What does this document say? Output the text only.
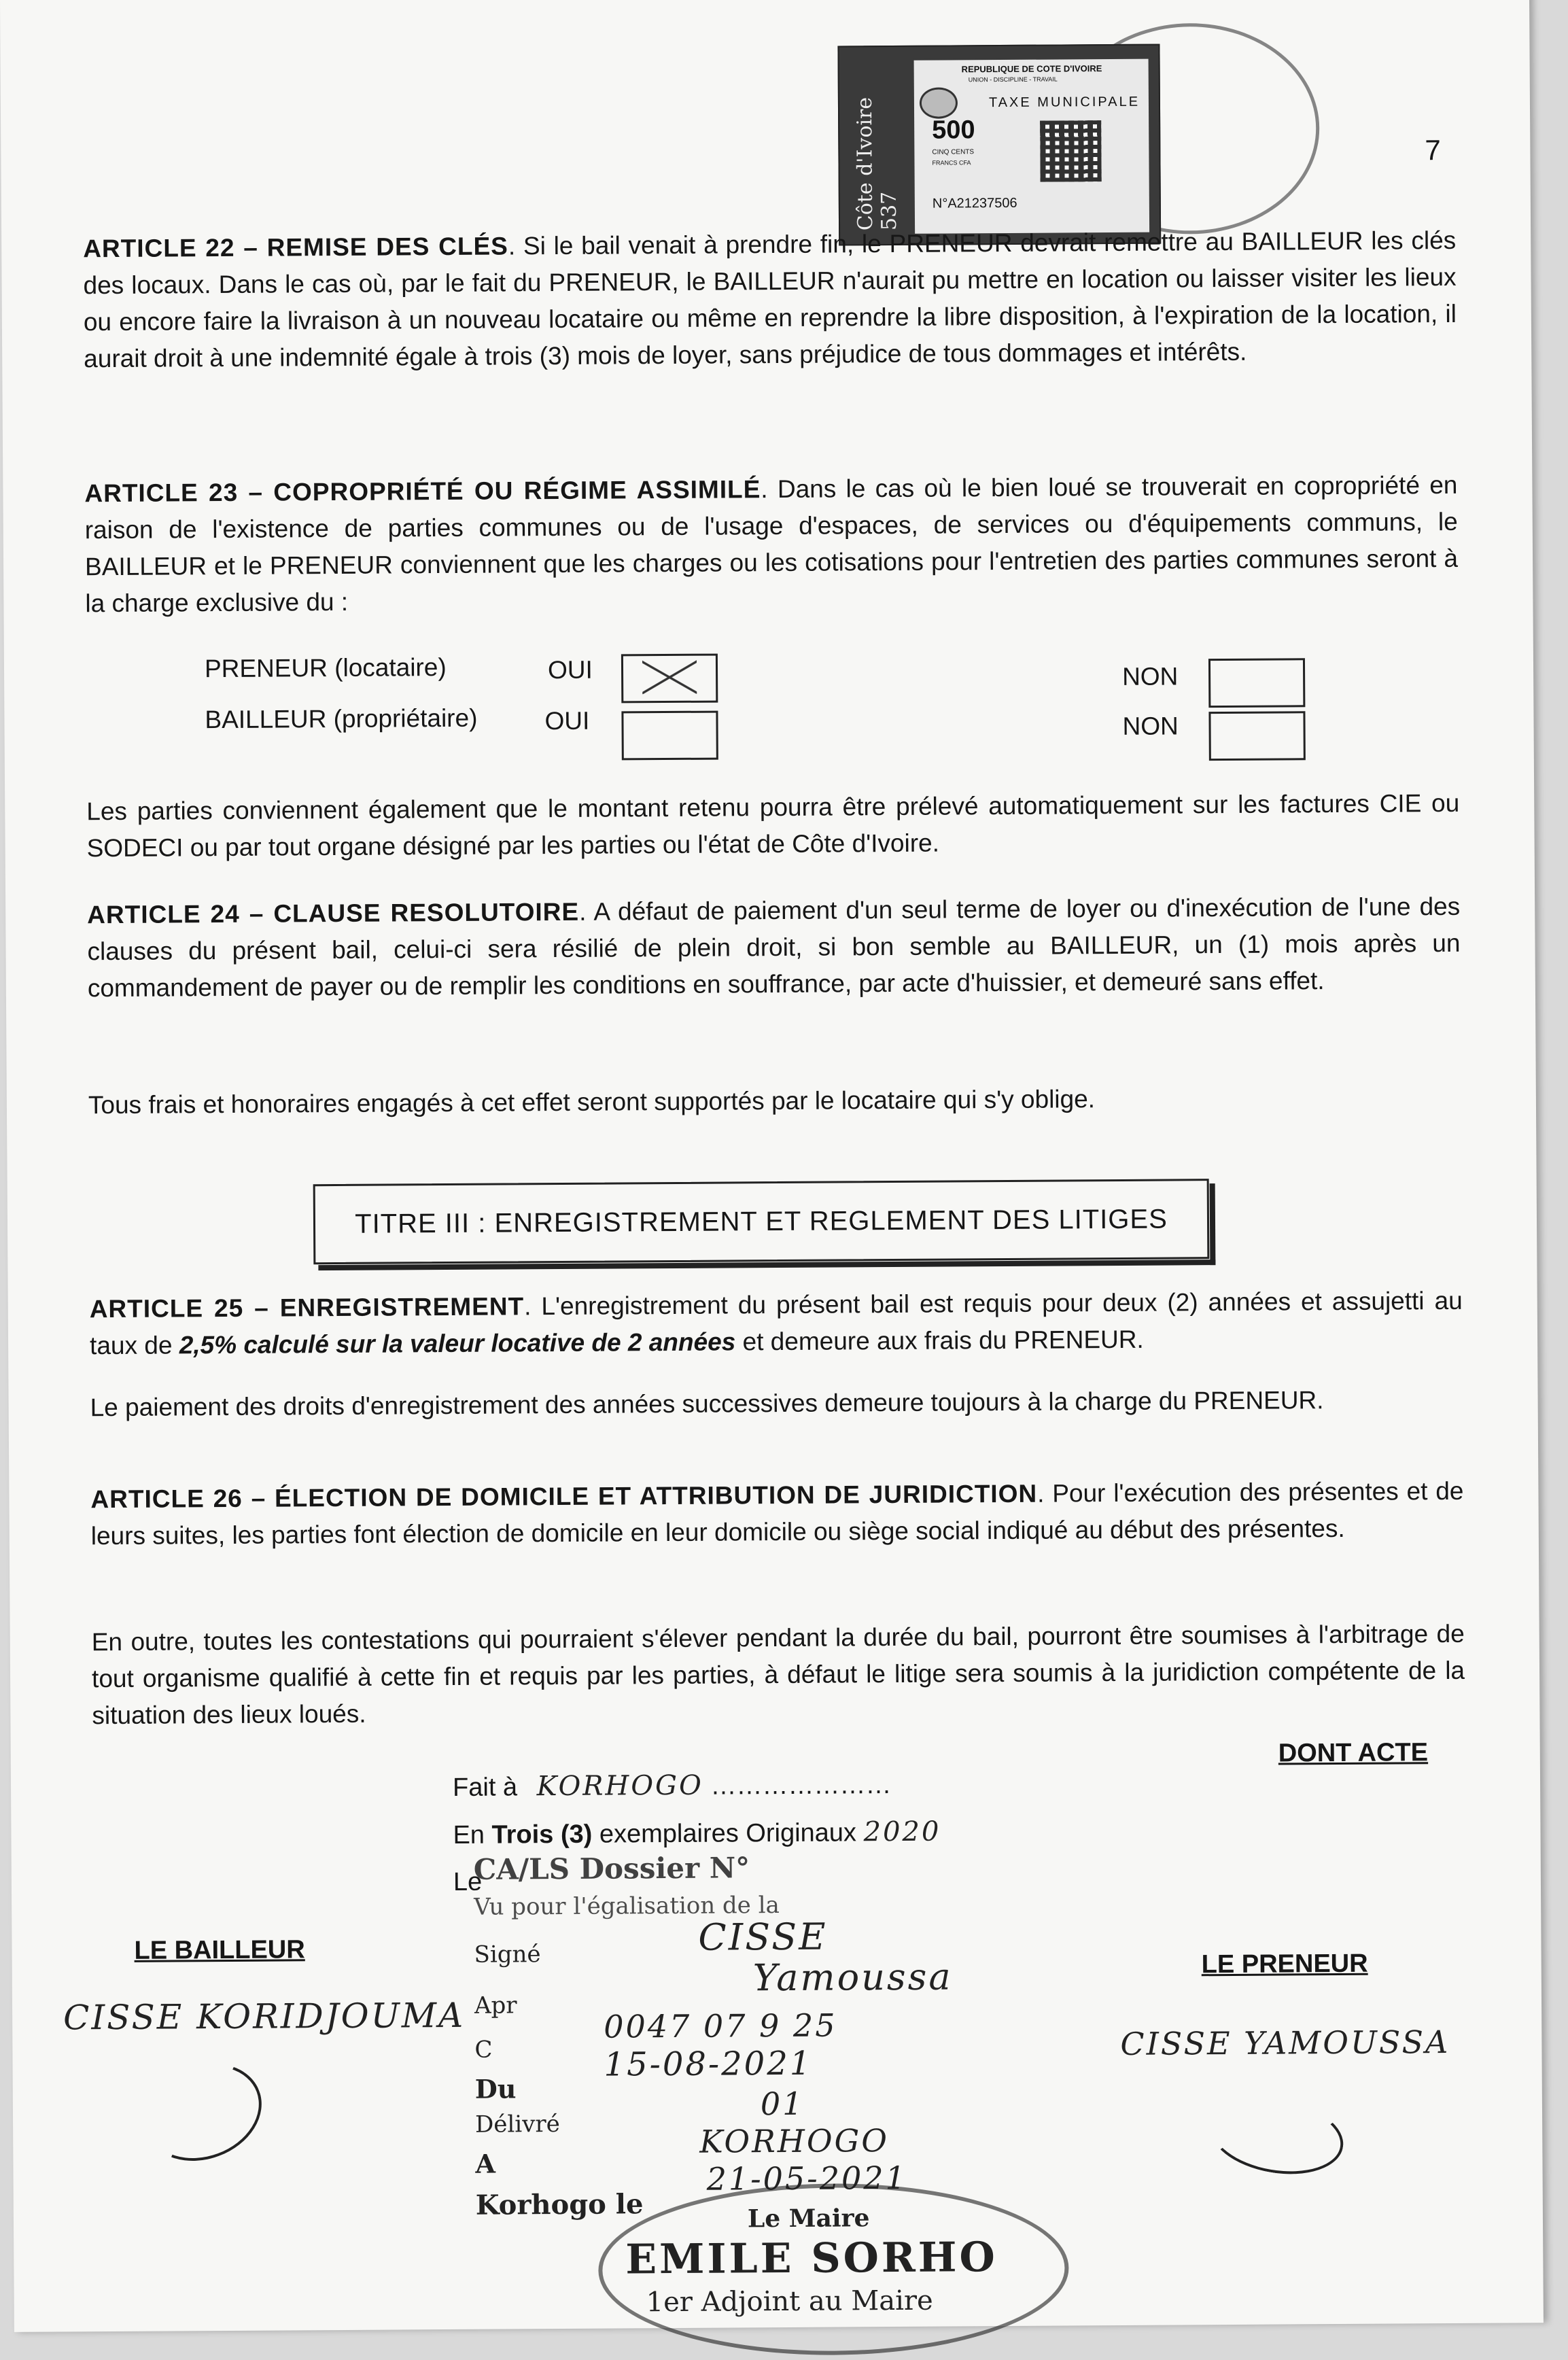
Côte d'Ivoire 537
REPUBLIQUE DE COTE D'IVOIRE
UNION - DISCIPLINE - TRAVAIL
TAXE MUNICIPALE
500
CINQ CENTS
FRANCS CFA
N°A21237506
7

ARTICLE 22 – REMISE DES CLÉS. Si le bail venait à prendre fin, le PRENEUR devrait remettre au BAILLEUR les clés des locaux. Dans le cas où, par le fait du PRENEUR, le BAILLEUR n'aurait pu mettre en location ou laisser visiter les lieux ou encore faire la livraison à un nouveau locataire ou même en reprendre la libre disposition, à l'expiration de la location, il aurait droit à une indemnité égale à trois (3) mois de loyer, sans préjudice de tous dommages et intérêts.

ARTICLE 23 – COPROPRIÉTÉ OU RÉGIME ASSIMILÉ. Dans le cas où le bien loué se trouverait en copropriété en raison de l'existence de parties communes ou de l'usage d'espaces, de services ou d'équipements communs, le BAILLEUR et le PRENEUR conviennent que les charges ou les cotisations pour l'entretien des parties communes seront à la charge exclusive du :

PRENEUR (locataire)	OUI	NON
BAILLEUR (propriétaire)	OUI	NON

Les parties conviennent également que le montant retenu pourra être prélevé automatiquement sur les factures CIE ou SODECI ou par tout organe désigné par les parties ou l'état de Côte d'Ivoire.

ARTICLE 24 – CLAUSE RESOLUTOIRE. A défaut de paiement d'un seul terme de loyer ou d'inexécution de l'une des clauses du présent bail, celui-ci sera résilié de plein droit, si bon semble au BAILLEUR, un (1) mois après un commandement de payer ou de remplir les conditions en souffrance, par acte d'huissier, et demeuré sans effet.

Tous frais et honoraires engagés à cet effet seront supportés par le locataire qui s'y oblige.

TITRE III : ENREGISTREMENT ET REGLEMENT DES LITIGES

ARTICLE 25 – ENREGISTREMENT. L'enregistrement du présent bail est requis pour deux (2) années et assujetti au taux de 2,5% calculé sur la valeur locative de 2 années et demeure aux frais du PRENEUR.

Le paiement des droits d'enregistrement des années successives demeure toujours à la charge du PRENEUR.

ARTICLE 26 – ÉLECTION DE DOMICILE ET ATTRIBUTION DE JURIDICTION. Pour l'exécution des présentes et de leurs suites, les parties font élection de domicile en leur domicile ou siège social indiqué au début des présentes.

En outre, toutes les contestations qui pourraient s'élever pendant la durée du bail, pourront être soumises à l'arbitrage de tout organisme qualifié à cette fin et requis par les parties, à défaut le litige sera soumis à la juridiction compétente de la situation des lieux loués.

DONT ACTE
Fait à KORHOGO …………………
En Trois (3) exemplaires Originaux 2020
Le
CA/LS Dossier N°
Vu pour l'égalisation de la
Signé	CISSE
Yamoussa
Apr
C
0047 07 9 25
Du
15-08-2021
Délivré
01
A
KORHOGO
Korhogo le
21-05-2021
Le Maire
EMILE SORHO
1er Adjoint au Maire
LE BAILLEUR
CISSE KORIDJOUMA
LE PRENEUR
CISSE YAMOUSSA
